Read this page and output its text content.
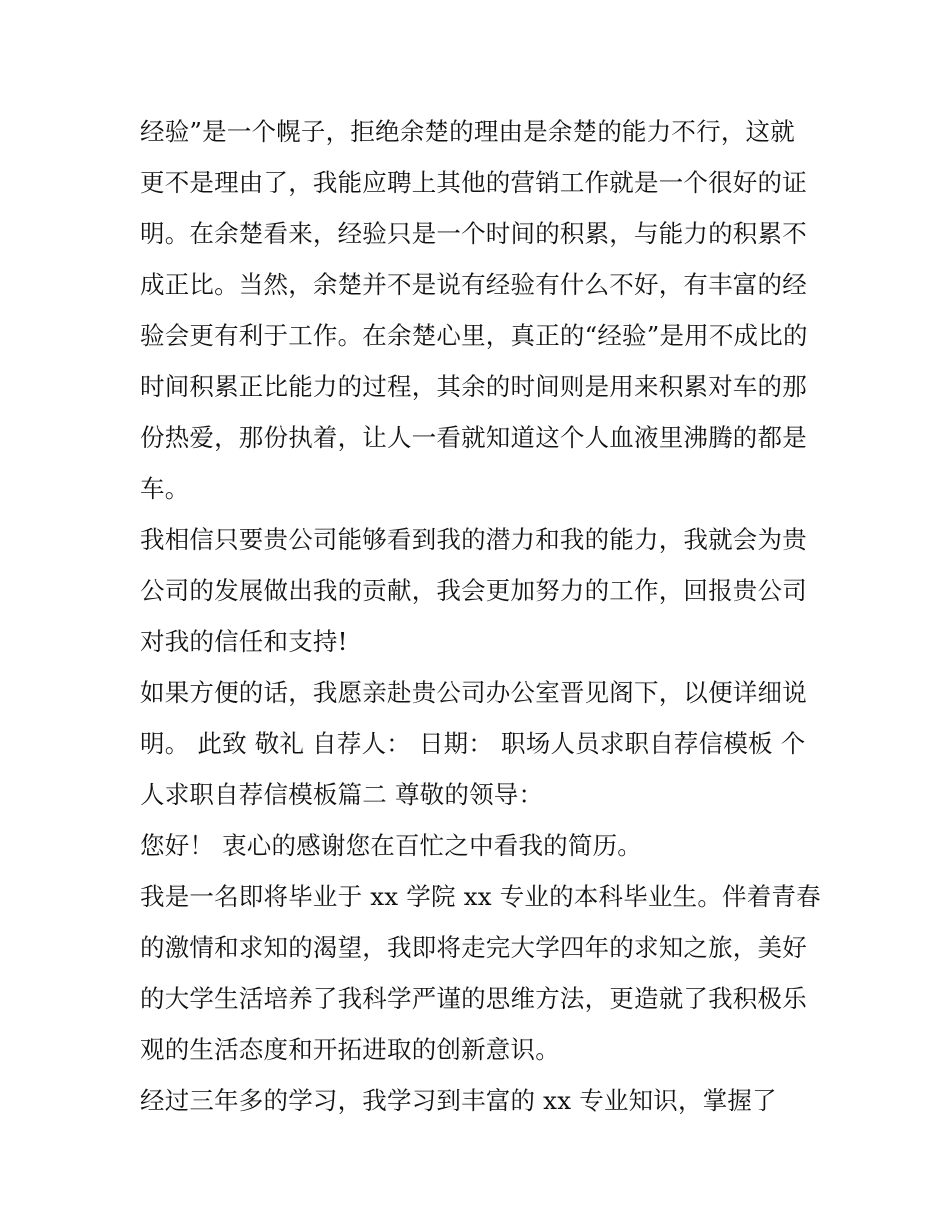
经验”是一个幌子，拒绝余楚的理由是余楚的能力不行，这就
更不是理由了，我能应聘上其他的营销工作就是一个很好的证
明。在余楚看来，经验只是一个时间的积累，与能力的积累不
成正比。当然，余楚并不是说有经验有什么不好，有丰富的经
验会更有利于工作。在余楚心里，真正的“经验”是用不成比的
时间积累正比能力的过程，其余的时间则是用来积累对车的那
份热爱，那份执着，让人一看就知道这个人血液里沸腾的都是
车。
我相信只要贵公司能够看到我的潜力和我的能力，我就会为贵
公司的发展做出我的贡献，我会更加努力的工作，回报贵公司
对我的信任和支持!
如果方便的话，我愿亲赴贵公司办公室晋见阁下，以便详细说
明。 此致 敬礼 自荐人： 日期： 职场人员求职自荐信模板 个
人求职自荐信模板篇二 尊敬的领导：
您好！ 衷心的感谢您在百忙之中看我的简历。
我是一名即将毕业于 xx 学院 xx 专业的本科毕业生。伴着青春
的激情和求知的渴望，我即将走完大学四年的求知之旅，美好
的大学生活培养了我科学严谨的思维方法，更造就了我积极乐
观的生活态度和开拓进取的创新意识。
经过三年多的学习，我学习到丰富的 xx 专业知识，掌握了
